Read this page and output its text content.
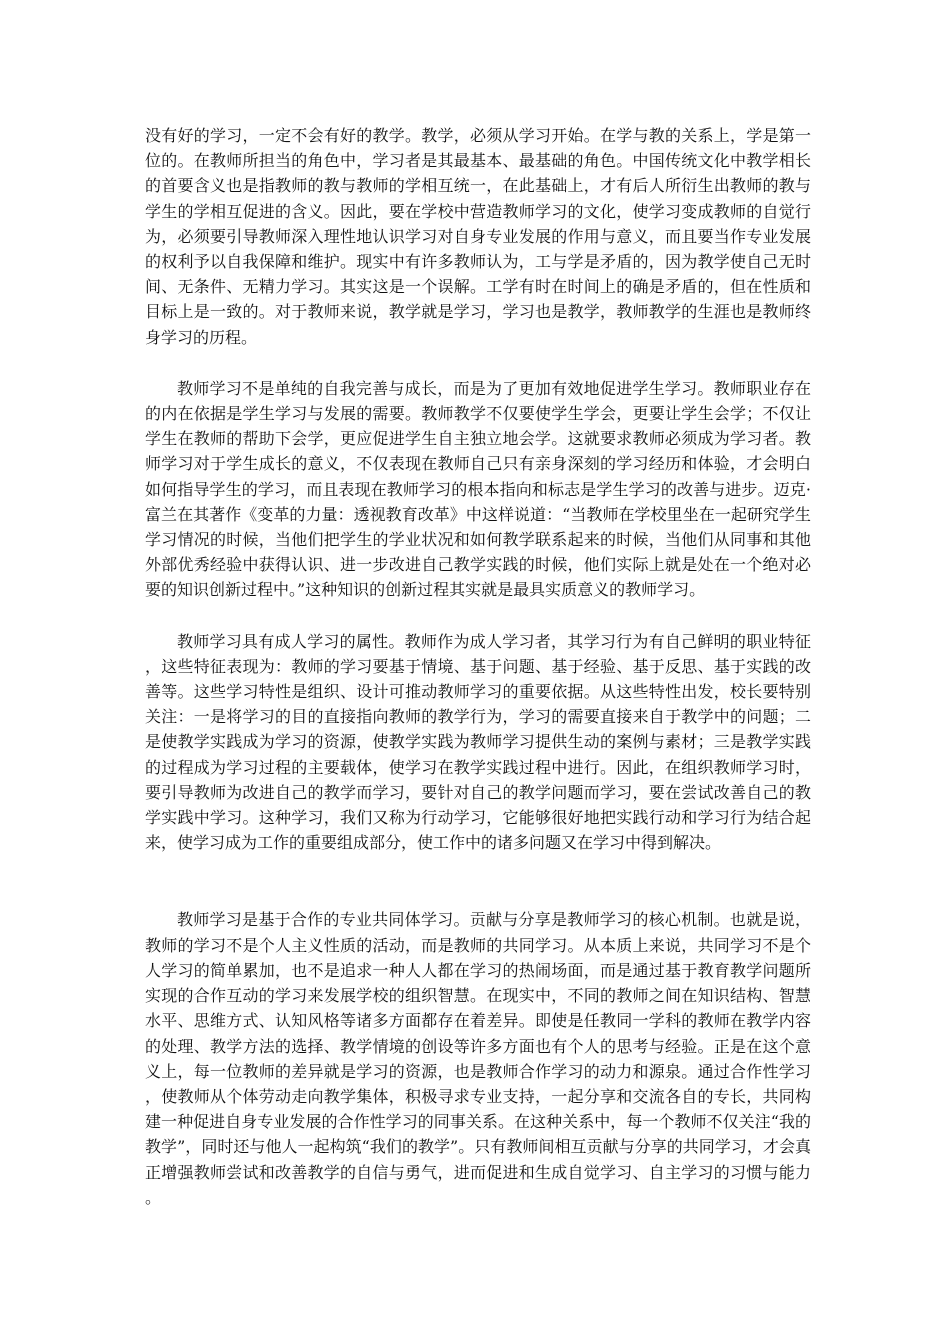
没有好的学习，一定不会有好的教学。教学，必须从学习开始。在学与教的关系上，学是第一位的。在教师所担当的角色中，学习者是其最基本、最基础的角色。中国传统文化中教学相长的首要含义也是指教师的教与教师的学相互统一，在此基础上，才有后人所衍生出教师的教与学生的学相互促进的含义。因此，要在学校中营造教师学习的文化，使学习变成教师的自觉行为，必须要引导教师深入理性地认识学习对自身专业发展的作用与意义，而且要当作专业发展的权利予以自我保障和维护。现实中有许多教师认为，工与学是矛盾的，因为教学使自己无时间、无条件、无精力学习。其实这是一个误解。工学有时在时间上的确是矛盾的，但在性质和目标上是一致的。对于教师来说，教学就是学习，学习也是教学，教师教学的生涯也是教师终身学习的历程。

教师学习不是单纯的自我完善与成长，而是为了更加有效地促进学生学习。教师职业存在的内在依据是学生学习与发展的需要。教师教学不仅要使学生学会，更要让学生会学；不仅让学生在教师的帮助下会学，更应促进学生自主独立地会学。这就要求教师必须成为学习者。教师学习对于学生成长的意义，不仅表现在教师自己只有亲身深刻的学习经历和体验，才会明白如何指导学生的学习，而且表现在教师学习的根本指向和标志是学生学习的改善与进步。迈克·富兰在其著作《变革的力量：透视教育改革》中这样说道：“当教师在学校里坐在一起研究学生学习情况的时候，当他们把学生的学业状况和如何教学联系起来的时候，当他们从同事和其他外部优秀经验中获得认识、进一步改进自己教学实践的时候，他们实际上就是处在一个绝对必要的知识创新过程中。”这种知识的创新过程其实就是最具实质意义的教师学习。

教师学习具有成人学习的属性。教师作为成人学习者，其学习行为有自己鲜明的职业特征，这些特征表现为：教师的学习要基于情境、基于问题、基于经验、基于反思、基于实践的改善等。这些学习特性是组织、设计可推动教师学习的重要依据。从这些特性出发，校长要特别关注：一是将学习的目的直接指向教师的教学行为，学习的需要直接来自于教学中的问题；二是使教学实践成为学习的资源，使教学实践为教师学习提供生动的案例与素材；三是教学实践的过程成为学习过程的主要载体，使学习在教学实践过程中进行。因此，在组织教师学习时，要引导教师为改进自己的教学而学习，要针对自己的教学问题而学习，要在尝试改善自己的教学实践中学习。这种学习，我们又称为行动学习，它能够很好地把实践行动和学习行为结合起来，使学习成为工作的重要组成部分，使工作中的诸多问题又在学习中得到解决。

教师学习是基于合作的专业共同体学习。贡献与分享是教师学习的核心机制。也就是说，教师的学习不是个人主义性质的活动，而是教师的共同学习。从本质上来说，共同学习不是个人学习的简单累加，也不是追求一种人人都在学习的热闹场面，而是通过基于教育教学问题所实现的合作互动的学习来发展学校的组织智慧。在现实中，不同的教师之间在知识结构、智慧水平、思维方式、认知风格等诸多方面都存在着差异。即使是任教同一学科的教师在教学内容的处理、教学方法的选择、教学情境的创设等许多方面也有个人的思考与经验。正是在这个意义上，每一位教师的差异就是学习的资源，也是教师合作学习的动力和源泉。通过合作性学习，使教师从个体劳动走向教学集体，积极寻求专业支持，一起分享和交流各自的专长，共同构建一种促进自身专业发展的合作性学习的同事关系。在这种关系中，每一个教师不仅关注“我的教学”，同时还与他人一起构筑“我们的教学”。只有教师间相互贡献与分享的共同学习，才会真正增强教师尝试和改善教学的自信与勇气，进而促进和生成自觉学习、自主学习的习惯与能力。
